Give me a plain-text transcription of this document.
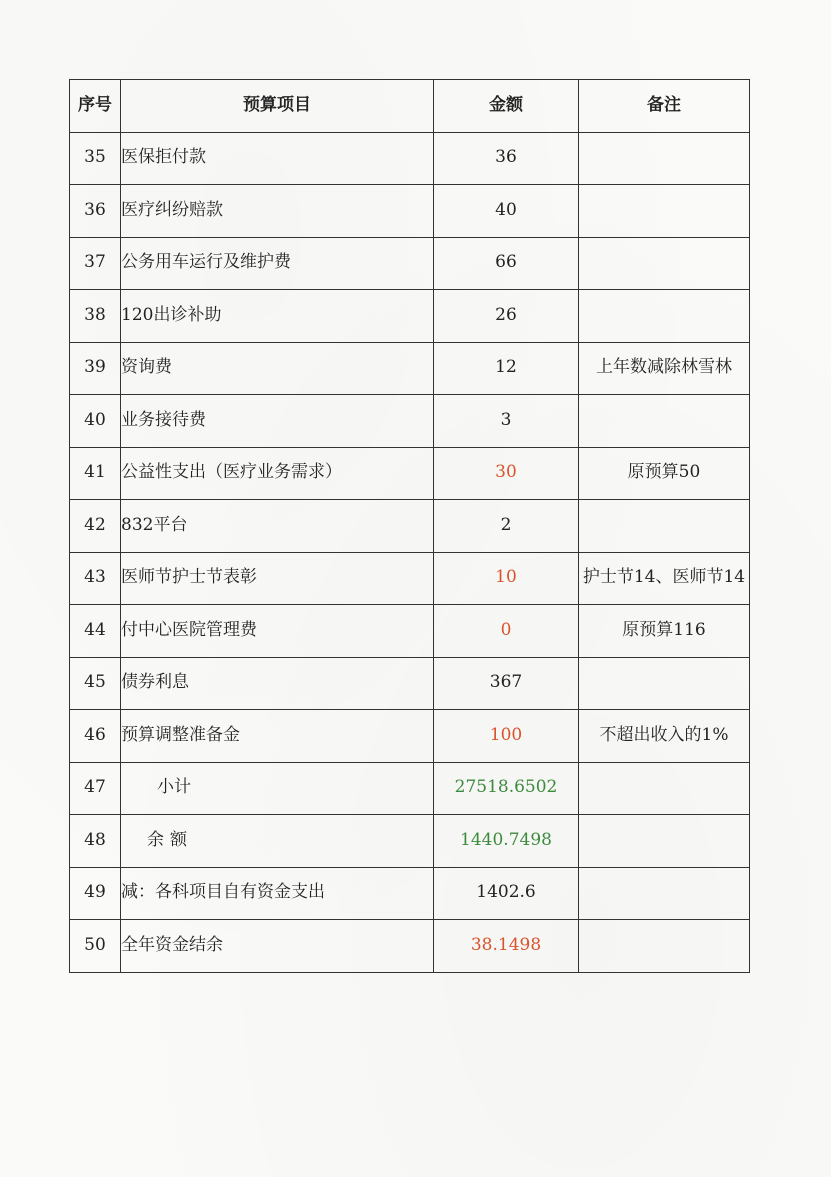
序号	预算项目	金额	备注
35	医保拒付款	36	
36	医疗纠纷赔款	40	
37	公务用车运行及维护费	66	
38	120出诊补助	26	
39	资询费	12	上年数减除林雪林
40	业务接待费	3	
41	公益性支出（医疗业务需求）	30	原预算50
42	832平台	2	
43	医师节护士节表彰	10	护士节14、医师节14
44	付中心医院管理费	0	原预算116
45	债券利息	367	
46	预算调整准备金	100	不超出收入的1%
47	小计	27518.6502	
48	余额	1440.7498	
49	减：各科项目自有资金支出	1402.6	
50	全年资金结余	38.1498	
